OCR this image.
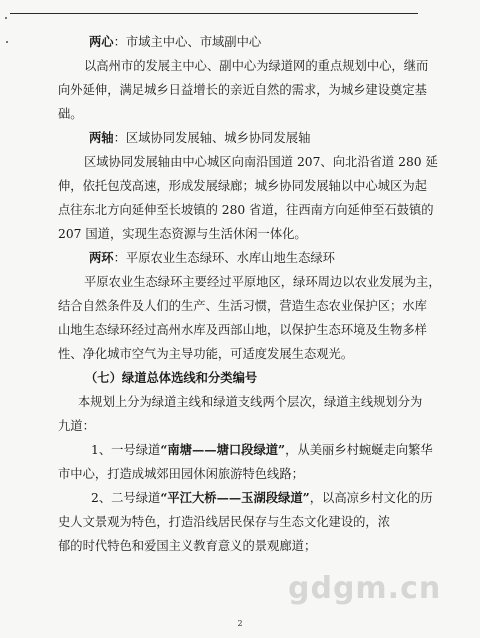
两心：市域主中心、市域副中心
以高州市的发展主中心、副中心为绿道网的重点规划中心，继而
向外延伸，满足城乡日益增长的亲近自然的需求，为城乡建设奠定基
础。
两轴：区域协同发展轴、城乡协同发展轴
区域协同发展轴由中心城区向南沿国道 207、向北沿省道 280 延
伸，依托包茂高速，形成发展绿廊；城乡协同发展轴以中心城区为起
点往东北方向延伸至长坡镇的 280 省道，往西南方向延伸至石鼓镇的
207 国道，实现生态资源与生活休闲一体化。
两环：平原农业生态绿环、水库山地生态绿环
平原农业生态绿环主要经过平原地区，绿环周边以农业发展为主，
结合自然条件及人们的生产、生活习惯，营造生态农业保护区；水库
山地生态绿环经过高州水库及西部山地，以保护生态环境及生物多样
性、净化城市空气为主导功能，可适度发展生态观光。
（七）绿道总体选线和分类编号
本规划上分为绿道主线和绿道支线两个层次，绿道主线规划分为
九道：
1、一号绿道“南塘——塘口段绿道”，从美丽乡村蜿蜒走向繁华
市中心，打造成城郊田园休闲旅游特色线路；
2、二号绿道“平江大桥——玉湖段绿道”，以高凉乡村文化的历
史人文景观为特色，打造沿线居民保存与生态文化建设的，浓
郁的时代特色和爱国主义教育意义的景观廊道；
gdgm.cn
2
